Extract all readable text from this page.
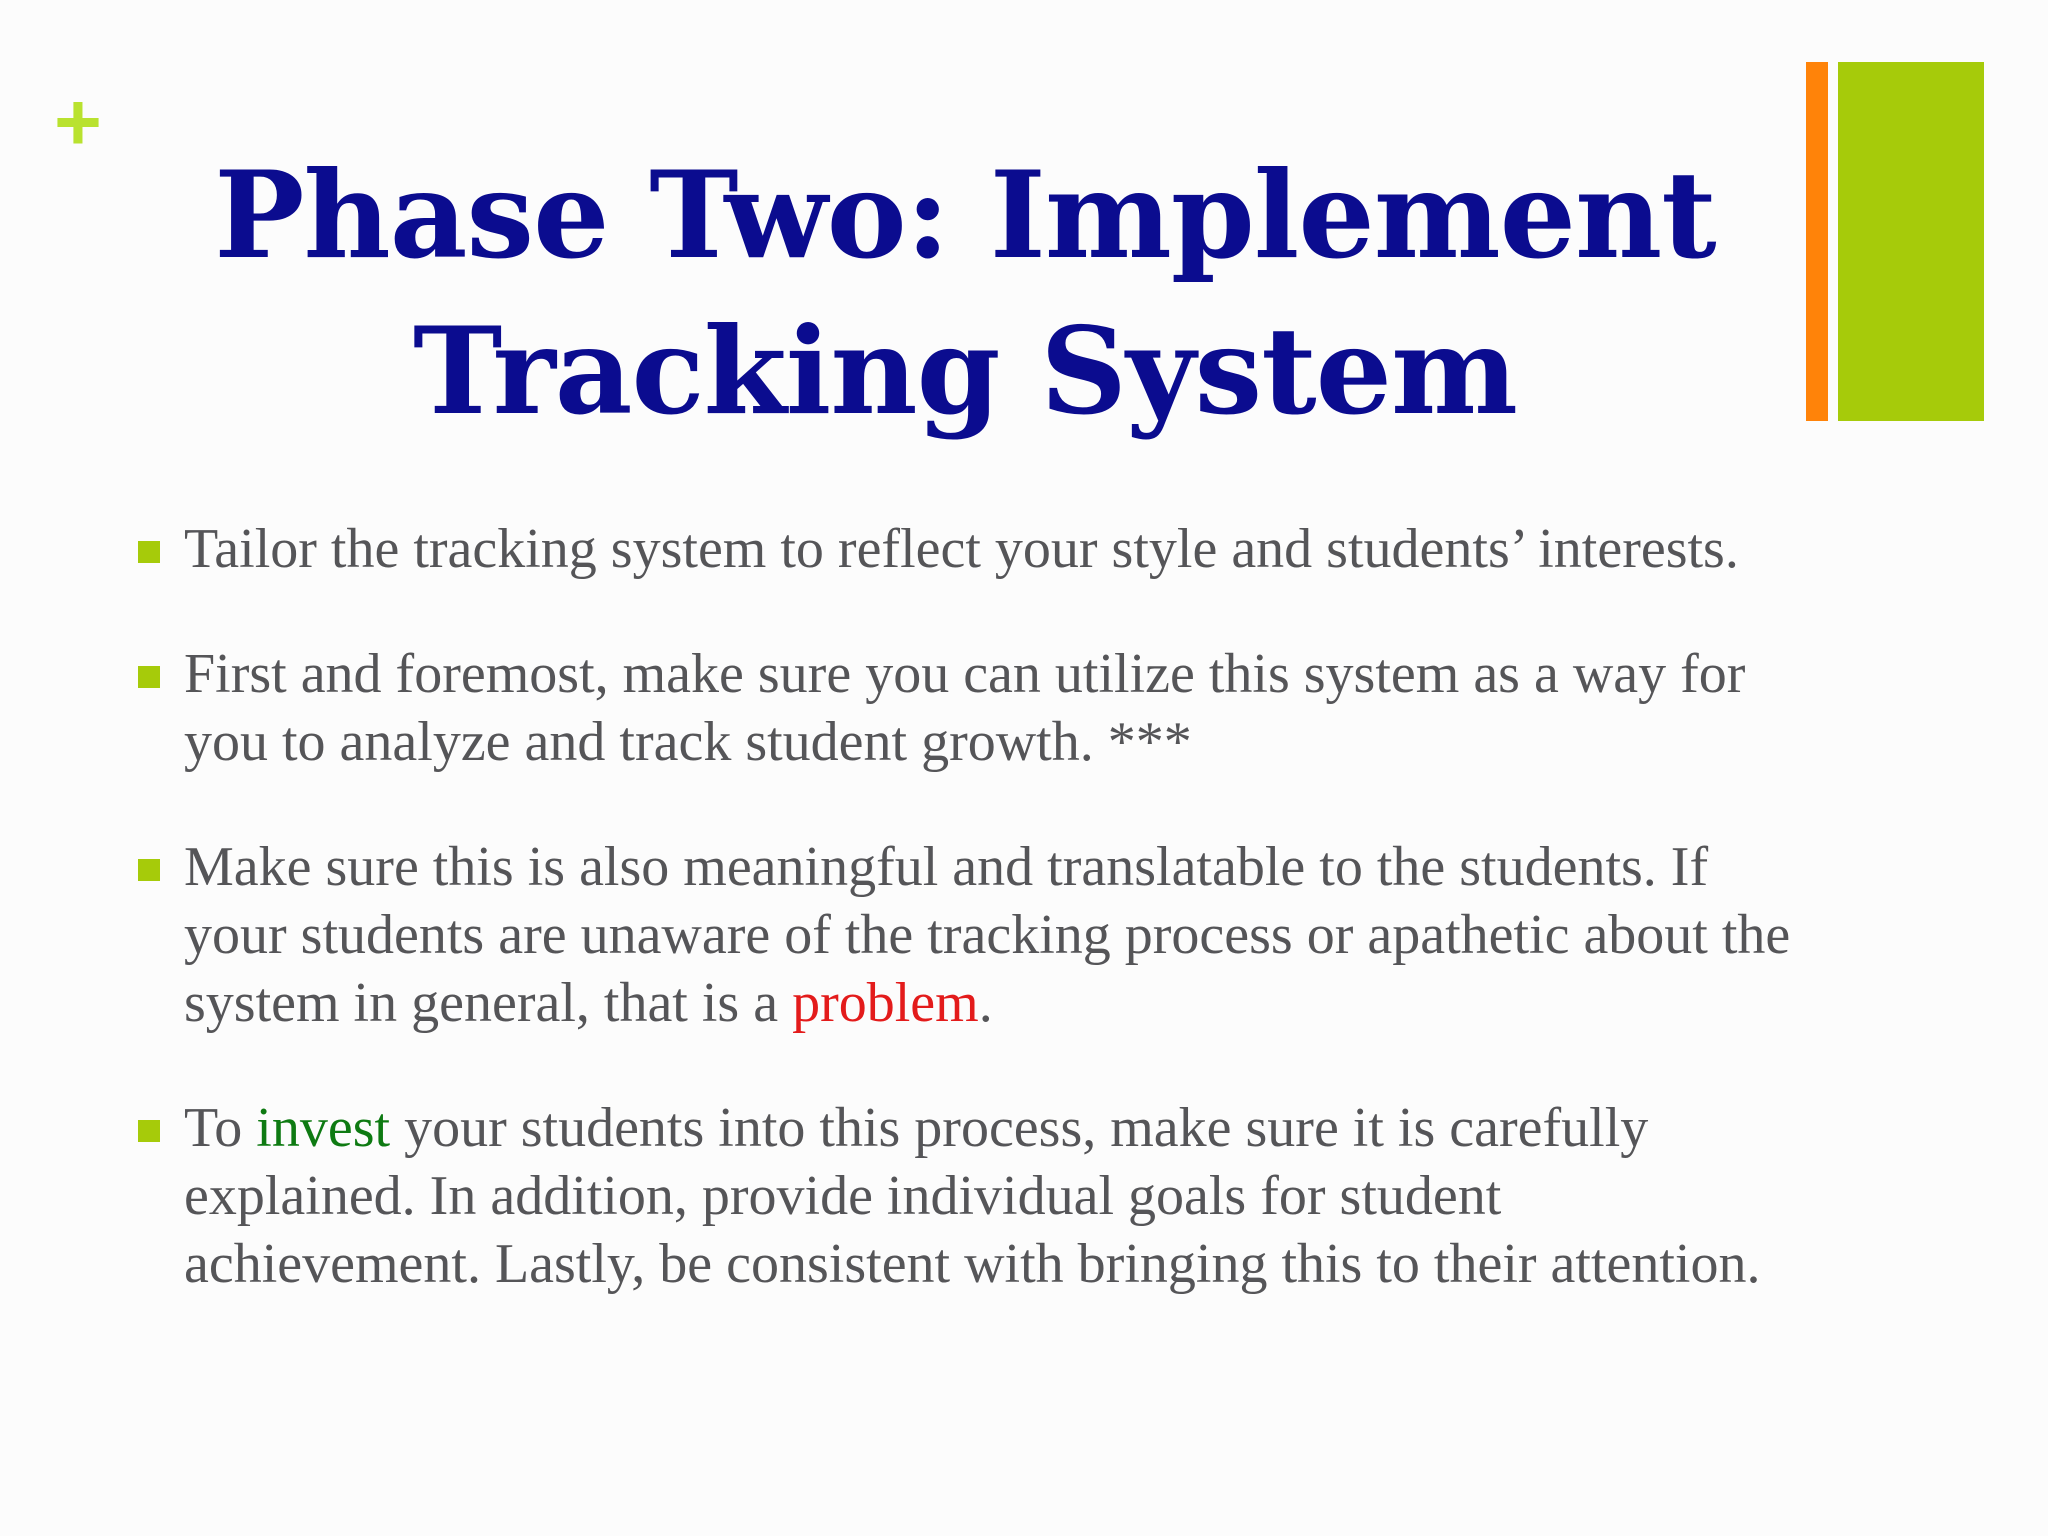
+
Phase Two: Implement
Tracking System
Tailor the tracking system to reflect your style and students’ interests.
First and foremost, make sure you can utilize this system as a way for you to analyze and track student growth. ***
Make sure this is also meaningful and translatable to the students. If your students are unaware of the tracking process or apathetic about the system in general, that is a problem.
To invest your students into this process, make sure it is carefully explained. In addition, provide individual goals for student achievement. Lastly, be consistent with bringing this to their attention.
